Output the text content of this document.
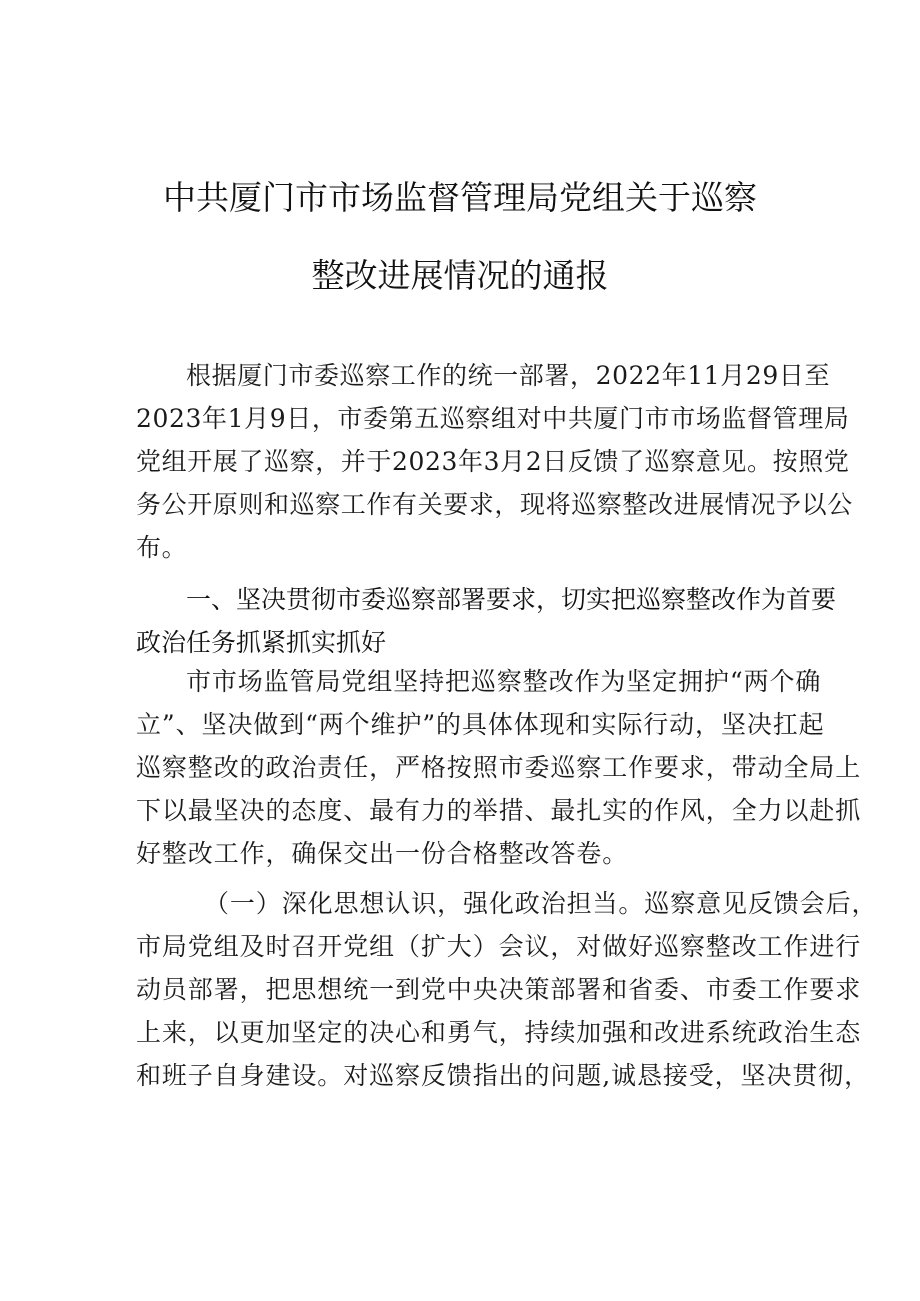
中共厦门市市场监督管理局党组关于巡察
整改进展情况的通报

根据厦门市委巡察工作的统一部署，2022年11月29日至
2023年1月9日，市委第五巡察组对中共厦门市市场监督管理局
党组开展了巡察，并于2023年3月2日反馈了巡察意见。按照党
务公开原则和巡察工作有关要求，现将巡察整改进展情况予以公
布。

一、坚决贯彻市委巡察部署要求，切实把巡察整改作为首要
政治任务抓紧抓实抓好

市市场监管局党组坚持把巡察整改作为坚定拥护“两个确
立”、坚决做到“两个维护”的具体体现和实际行动，坚决扛起
巡察整改的政治责任，严格按照市委巡察工作要求，带动全局上
下以最坚决的态度、最有力的举措、最扎实的作风，全力以赴抓
好整改工作，确保交出一份合格整改答卷。

（一）深化思想认识，强化政治担当。巡察意见反馈会后，
市局党组及时召开党组（扩大）会议，对做好巡察整改工作进行
动员部署，把思想统一到党中央决策部署和省委、市委工作要求
上来，以更加坚定的决心和勇气，持续加强和改进系统政治生态
和班子自身建设。对巡察反馈指出的问题,诚恳接受，坚决贯彻，
